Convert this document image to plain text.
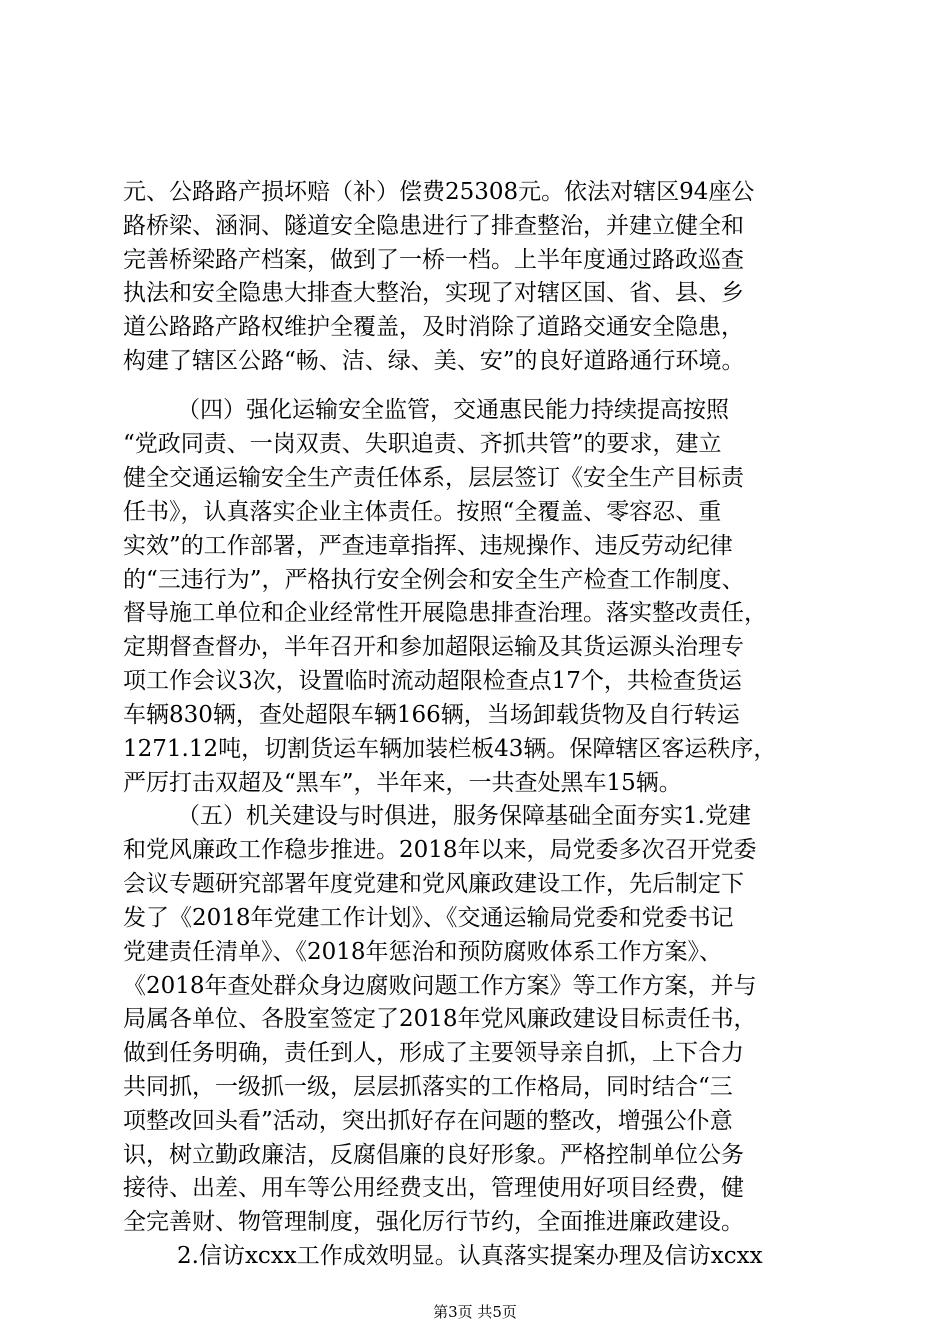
元、公路路产损坏赔（补）偿费25308元。依法对辖区94座公
路桥梁、涵洞、隧道安全隐患进行了排查整治，并建立健全和
完善桥梁路产档案，做到了一桥一档。上半年度通过路政巡查
执法和安全隐患大排查大整治，实现了对辖区国、省、县、乡
道公路路产路权维护全覆盖，及时消除了道路交通安全隐患，
构建了辖区公路“畅、洁、绿、美、安”的良好道路通行环境。
（四）强化运输安全监管，交通惠民能力持续提高按照
“党政同责、一岗双责、失职追责、齐抓共管”的要求，建立
健全交通运输安全生产责任体系，层层签订《安全生产目标责
任书》，认真落实企业主体责任。按照“全覆盖、零容忍、重
实效”的工作部署，严查违章指挥、违规操作、违反劳动纪律
的“三违行为”，严格执行安全例会和安全生产检查工作制度、
督导施工单位和企业经常性开展隐患排查治理。落实整改责任，
定期督查督办，半年召开和参加超限运输及其货运源头治理专
项工作会议3次，设置临时流动超限检查点17个，共检查货运
车辆830辆，查处超限车辆166辆，当场卸载货物及自行转运
1271.12吨，切割货运车辆加装栏板43辆。保障辖区客运秩序，
严厉打击双超及“黑车”，半年来，一共查处黑车15辆。
（五）机关建设与时俱进，服务保障基础全面夯实1.党建
和党风廉政工作稳步推进。2018年以来，局党委多次召开党委
会议专题研究部署年度党建和党风廉政建设工作，先后制定下
发了《2018年党建工作计划》、《交通运输局党委和党委书记
党建责任清单》、《2018年惩治和预防腐败体系工作方案》、
《2018年查处群众身边腐败问题工作方案》等工作方案，并与
局属各单位、各股室签定了2018年党风廉政建设目标责任书，
做到任务明确，责任到人，形成了主要领导亲自抓，上下合力
共同抓，一级抓一级，层层抓落实的工作格局，同时结合“三
项整改回头看”活动，突出抓好存在问题的整改，增强公仆意
识，树立勤政廉洁，反腐倡廉的良好形象。严格控制单位公务
接待、出差、用车等公用经费支出，管理使用好项目经费，健
全完善财、物管理制度，强化厉行节约，全面推进廉政建设。
2.信访xcxx工作成效明显。认真落实提案办理及信访xcxx
第3页 共5页
